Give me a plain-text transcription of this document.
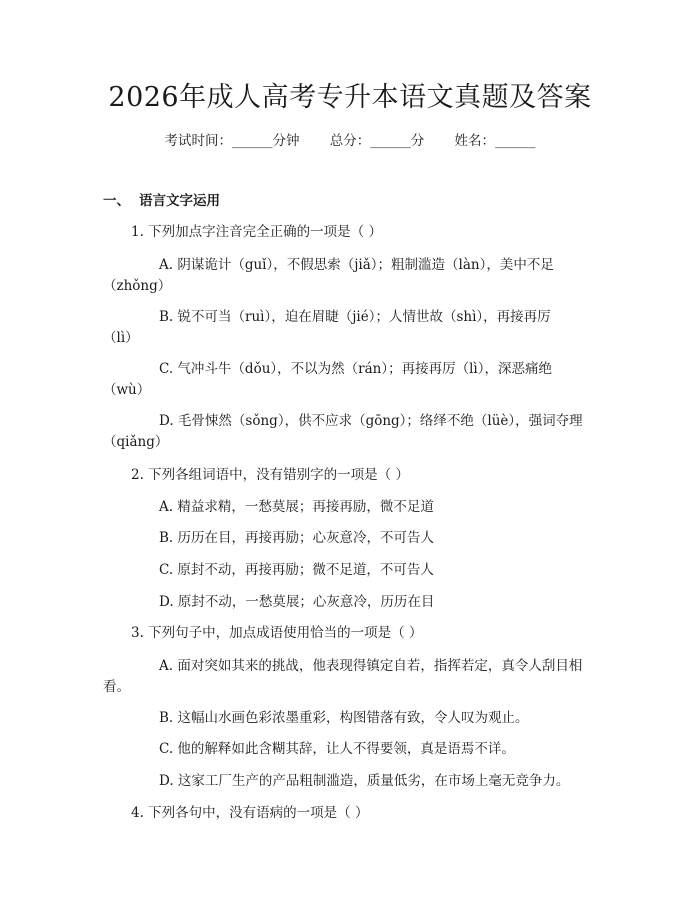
2026年成人高考专升本语文真题及答案
考试时间：______分钟 总分：______分 姓名：______
一、 语言文字运用
1. 下列加点字注音完全正确的一项是（ ）
A. 阴谋诡计（guǐ），不假思索（jiǎ）；粗制滥造（làn），美中不足
（zhǒng）
B. 锐不可当（ruì），迫在眉睫（jié）；人情世故（shì），再接再厉
（lì）
C. 气冲斗牛（dǒu），不以为然（rán）；再接再厉（lì），深恶痛绝
（wù）
D. 毛骨悚然（sǒng），供不应求（gōng）；络绎不绝（lüè），强词夺理
（qiǎng）
2. 下列各组词语中，没有错别字的一项是（ ）
A. 精益求精，一愁莫展；再接再励，微不足道
B. 历历在目，再接再励；心灰意冷，不可告人
C. 原封不动，再接再励；微不足道，不可告人
D. 原封不动，一愁莫展；心灰意冷，历历在目
3. 下列句子中，加点成语使用恰当的一项是（ ）
A. 面对突如其来的挑战，他表现得镇定自若，指挥若定，真令人刮目相
看。
B. 这幅山水画色彩浓墨重彩，构图错落有致，令人叹为观止。
C. 他的解释如此含糊其辞，让人不得要领，真是语焉不详。
D. 这家工厂生产的产品粗制滥造，质量低劣，在市场上毫无竞争力。
4. 下列各句中，没有语病的一项是（ ）
